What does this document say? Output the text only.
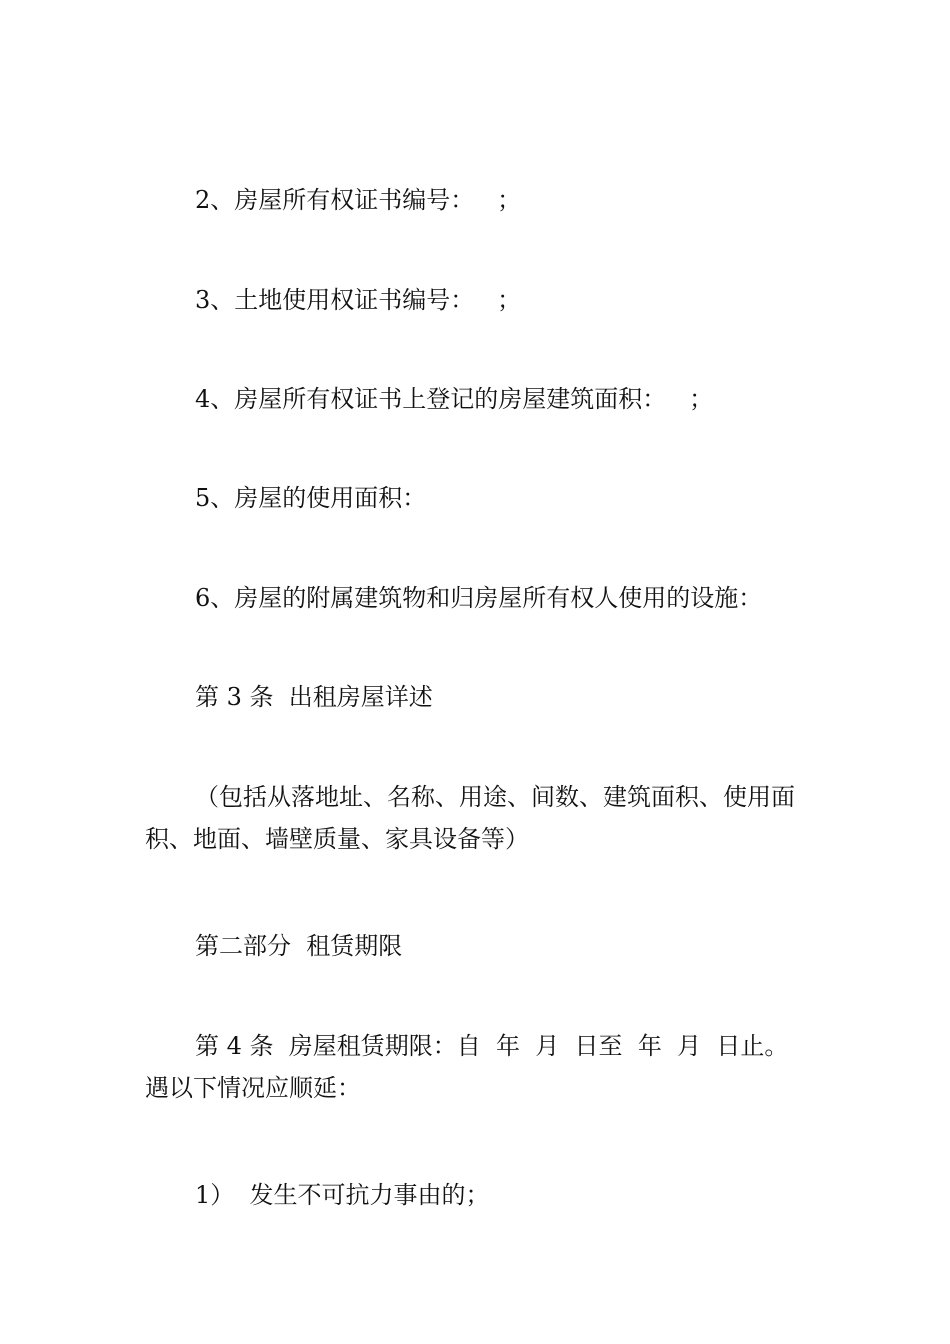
2、房屋所有权证书编号：   ；

3、土地使用权证书编号：   ；

4、房屋所有权证书上登记的房屋建筑面积：   ；

5、房屋的使用面积：

6、房屋的附属建筑物和归房屋所有权人使用的设施：

第 3 条  出租房屋详述

（包括从落地址、名称、用途、间数、建筑面积、使用面积、地面、墙壁质量、家具设备等）

第二部分  租赁期限

第 4 条  房屋租赁期限：自  年  月  日至  年  月  日止。遇以下情况应顺延：

1）  发生不可抗力事由的；
